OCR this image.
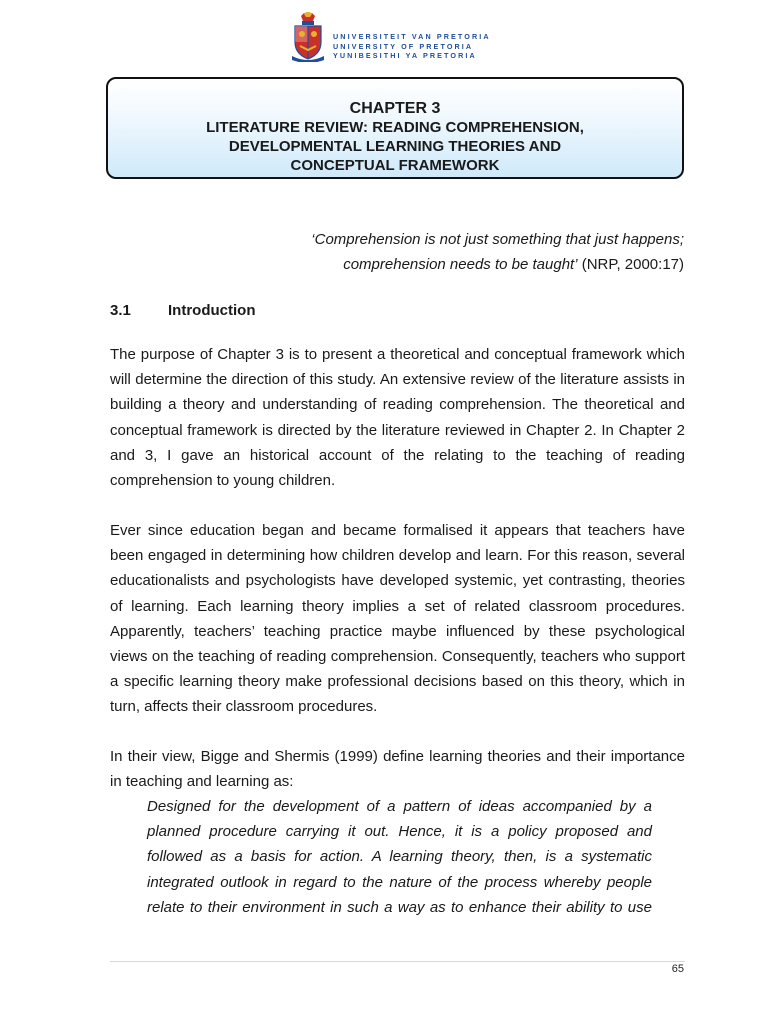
UNIVERSITEIT VAN PRETORIA
UNIVERSITY OF PRETORIA
YUNIBESITHI YA PRETORIA
CHAPTER 3
LITERATURE REVIEW: READING COMPREHENSION,
DEVELOPMENTAL LEARNING THEORIES AND
CONCEPTUAL FRAMEWORK
‘Comprehension is not just something that just happens;
comprehension needs to be taught’ (NRP, 2000:17)
3.1 Introduction

The purpose of Chapter 3 is to present a theoretical and conceptual framework which will determine the direction of this study. An extensive review of the literature assists in building a theory and understanding of reading comprehension. The theoretical and conceptual framework is directed by the literature reviewed in Chapter 2. In Chapter 2 and 3, I gave an historical account of the relating to the teaching of reading comprehension to young children.

Ever since education began and became formalised it appears that teachers have been engaged in determining how children develop and learn. For this reason, several educationalists and psychologists have developed systemic, yet contrasting, theories of learning. Each learning theory implies a set of related classroom procedures. Apparently, teachers’ teaching practice maybe influenced by these psychological views on the teaching of reading comprehension. Consequently, teachers who support a specific learning theory make professional decisions based on this theory, which in turn, affects their classroom procedures.

In their view, Bigge and Shermis (1999) define learning theories and their importance in teaching and learning as:

Designed for the development of a pattern of ideas accompanied by a planned procedure carrying it out. Hence, it is a policy proposed and followed as a basis for action. A learning theory, then, is a systematic integrated outlook in regard to the nature of the process whereby people relate to their environment in such a way as to enhance their ability to use

65
